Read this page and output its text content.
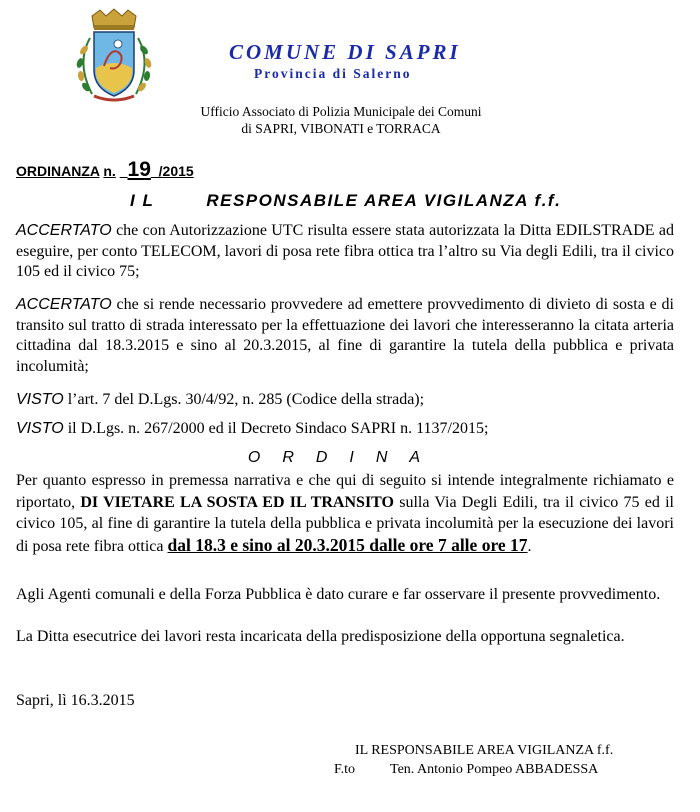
COMUNE DI SAPRI
Provincia di Salerno
Ufficio Associato di Polizia Municipale dei Comuni
di SAPRI, VIBONATI e TORRACA
ORDINANZA n. _19_/2015
I L	RESPONSABILE AREA VIGILANZA f.f.
ACCERTATO che con Autorizzazione UTC risulta essere stata autorizzata la Ditta EDILSTRADE ad eseguire, per conto TELECOM, lavori di posa rete fibra ottica tra l’altro su Via degli Edili, tra il civico 105 ed il civico 75;
ACCERTATO che si rende necessario provvedere ad emettere provvedimento di divieto di sosta e di transito sul tratto di strada interessato per la effettuazione dei lavori che interesseranno la citata arteria cittadina dal 18.3.2015 e sino al 20.3.2015, al fine di garantire la tutela della pubblica e privata incolumità;
VISTO l’art. 7 del D.Lgs. 30/4/92, n. 285 (Codice della strada);
VISTO il D.Lgs. n. 267/2000 ed il Decreto Sindaco SAPRI n. 1137/2015;
ORDINA
Per quanto espresso in premessa narrativa e che qui di seguito si intende integralmente richiamato e riportato, DI VIETARE LA SOSTA ED IL TRANSITO sulla Via Degli Edili, tra il civico 75 ed il civico 105, al fine di garantire la tutela della pubblica e privata incolumità per la esecuzione dei lavori di posa rete fibra ottica dal 18.3 e sino al 20.3.2015 dalle ore 7 alle ore 17.
Agli Agenti comunali e della Forza Pubblica è dato curare e far osservare il presente provvedimento.
La Ditta esecutrice dei lavori resta incaricata della predisposizione della opportuna segnaletica.
Sapri, lì 16.3.2015
IL RESPONSABILE AREA VIGILANZA f.f.
F.to Ten. Antonio Pompeo ABBADESSA
